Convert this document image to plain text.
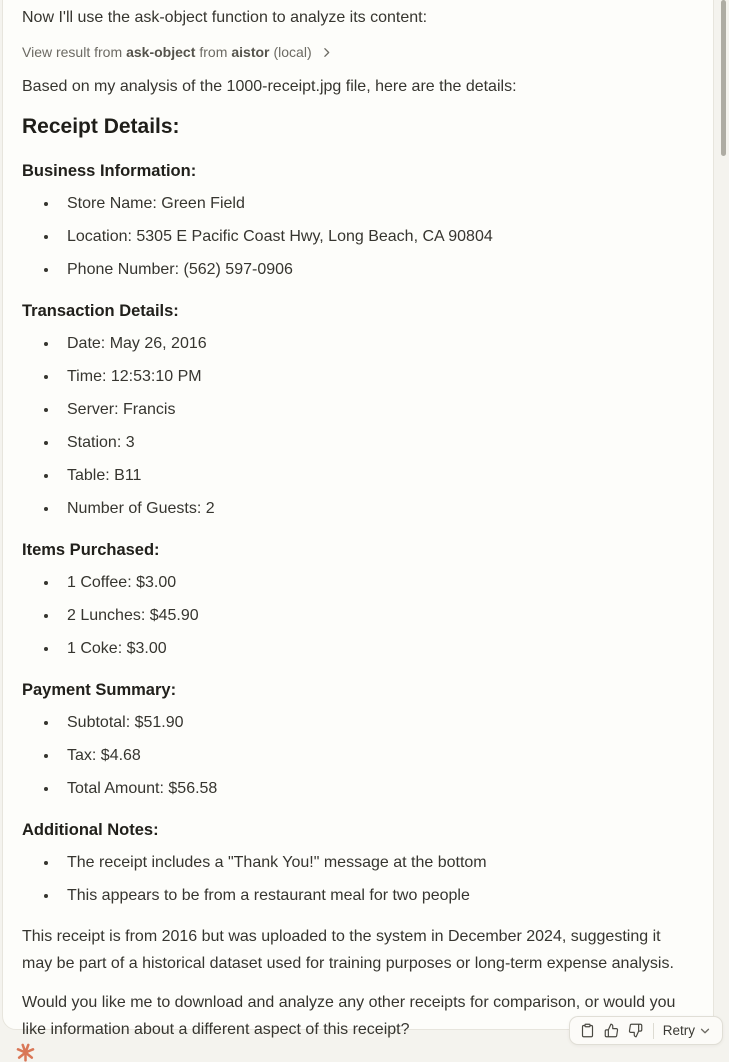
Now I'll use the ask-object function to analyze its content:

View result from ask-object from aistor (local)

Based on my analysis of the 1000-receipt.jpg file, here are the details:

Receipt Details:
Business Information:
• Store Name: Green Field
• Location: 5305 E Pacific Coast Hwy, Long Beach, CA 90804
• Phone Number: (562) 597-0906
Transaction Details:
• Date: May 26, 2016
• Time: 12:53:10 PM
• Server: Francis
• Station: 3
• Table: B11
• Number of Guests: 2
Items Purchased:
• 1 Coffee: $3.00
• 2 Lunches: $45.90
• 1 Coke: $3.00
Payment Summary:
• Subtotal: $51.90
• Tax: $4.68
• Total Amount: $56.58
Additional Notes:
• The receipt includes a "Thank You!" message at the bottom
• This appears to be from a restaurant meal for two people

This receipt is from 2016 but was uploaded to the system in December 2024, suggesting it may be part of a historical dataset used for training purposes or long-term expense analysis.

Would you like me to download and analyze any other receipts for comparison, or would you like information about a different aspect of this receipt?	Retry
